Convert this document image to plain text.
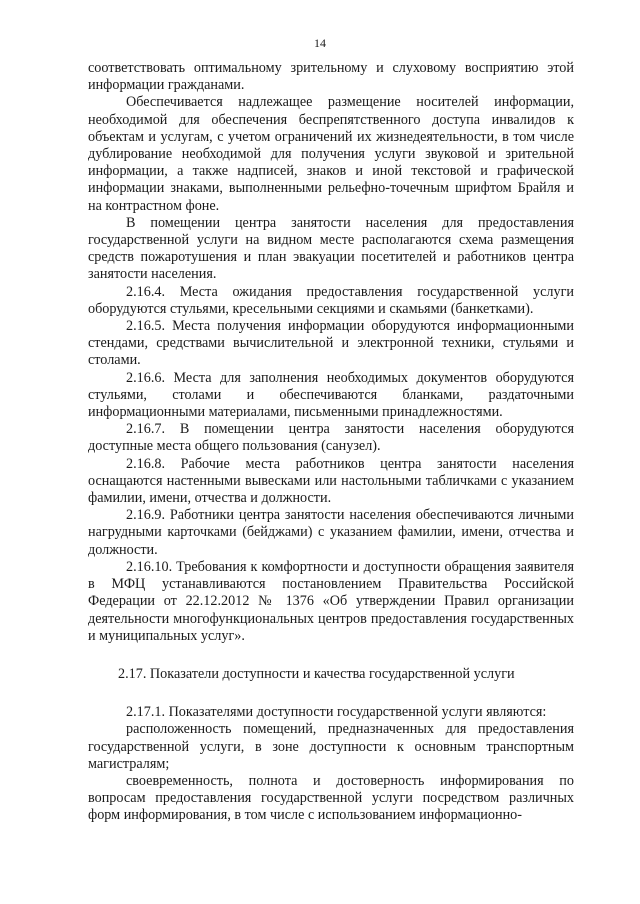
14

соответствовать оптимальному зрительному и слуховому восприятию этой информации гражданами.

Обеспечивается надлежащее размещение носителей информации, необходимой для обеспечения беспрепятственного доступа инвалидов к объектам и услугам, с учетом ограничений их жизнедеятельности, в том числе дублирование необходимой для получения услуги звуковой и зрительной информации, а также надписей, знаков и иной текстовой и графической информации знаками, выполненными рельефно-точечным шрифтом Брайля и на контрастном фоне.

В помещении центра занятости населения для предоставления государственной услуги на видном месте располагаются схема размещения средств пожаротушения и план эвакуации посетителей и работников центра занятости населения.

2.16.4. Места ожидания предоставления государственной услуги оборудуются стульями, кресельными секциями и скамьями (банкетками).

2.16.5. Места получения информации оборудуются информационными стендами, средствами вычислительной и электронной техники, стульями и столами.

2.16.6. Места для заполнения необходимых документов оборудуются стульями, столами и обеспечиваются бланками, раздаточными информационными материалами, письменными принадлежностями.

2.16.7. В помещении центра занятости населения оборудуются доступные места общего пользования (санузел).

2.16.8. Рабочие места работников центра занятости населения оснащаются настенными вывесками или настольными табличками с указанием фамилии, имени, отчества и должности.

2.16.9. Работники центра занятости населения обеспечиваются личными нагрудными карточками (бейджами) с указанием фамилии, имени, отчества и должности.

2.16.10. Требования к комфортности и доступности обращения заявителя в МФЦ устанавливаются постановлением Правительства Российской Федерации от 22.12.2012 № 1376 «Об утверждении Правил организации деятельности многофункциональных центров предоставления государственных и муниципальных услуг».

2.17. Показатели доступности и качества государственной услуги

2.17.1. Показателями доступности государственной услуги являются:

расположенность помещений, предназначенных для предоставления государственной услуги, в зоне доступности к основным транспортным магистралям;

своевременность, полнота и достоверность информирования по вопросам предоставления государственной услуги посредством различных форм информирования, в том числе с использованием информационно-
